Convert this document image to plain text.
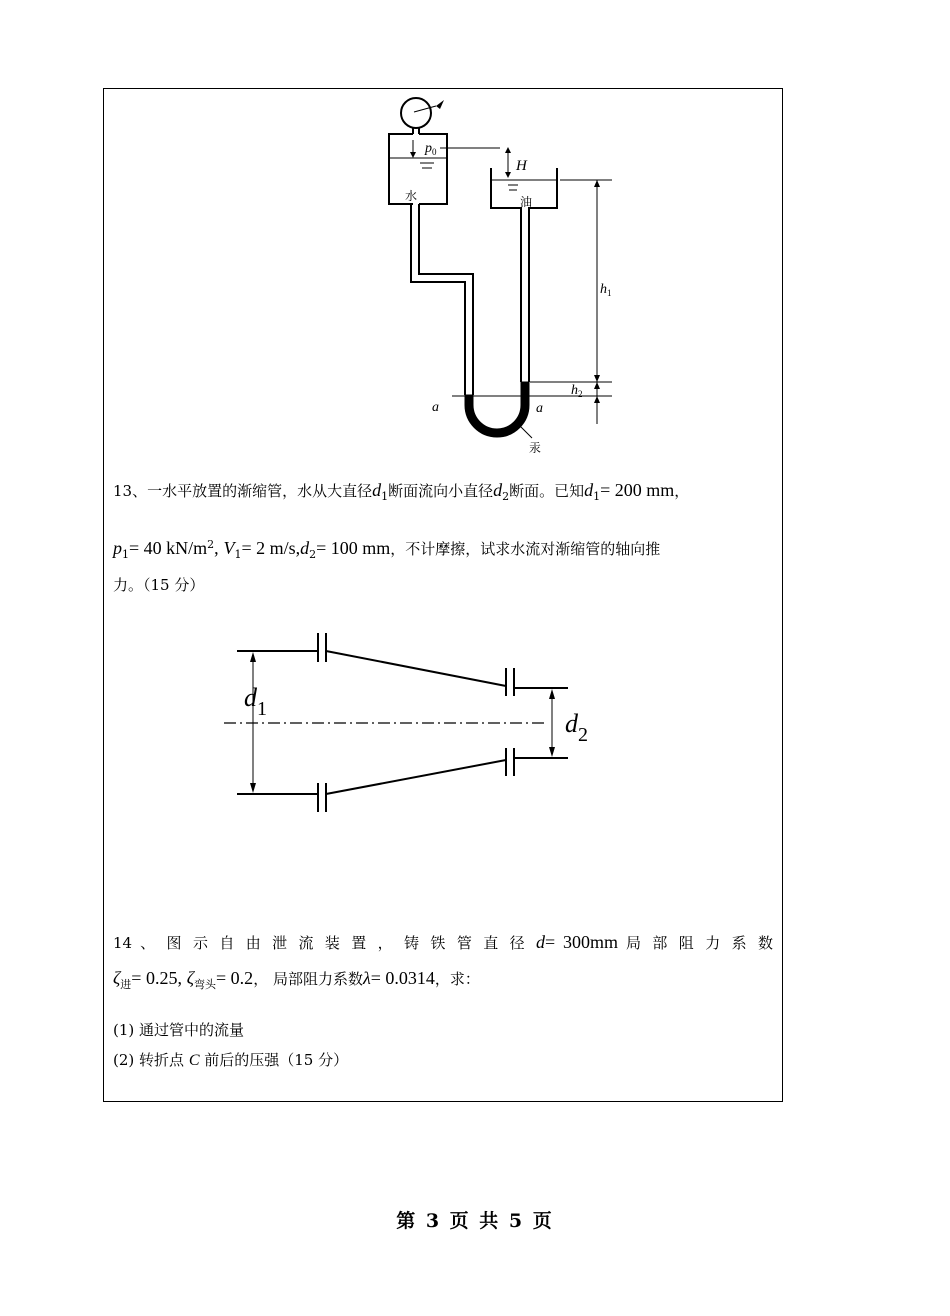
$p_0$
H
水	油
$h_1$
$h_2$
a	a
汞
13、一水平放置的渐缩管，水从大直径$d_1$断面流向小直径$d_2$断面。已知$d_1= 200$ mm，
$p_1= 40$ $kN/m^2$, $V_1= 2$ $m/s,d_2= 100$ mm，不计摩擦，试求水流对渐缩管的轴向推
力。（15 分）
$d_1$	$d_2$
14 、 图 示 自 由 泄 流 装 置 ， 铸 铁 管 直 径 d= 300mm 局 部 阻 力 系 数
$\zeta_进= 0.25$, $\zeta_{弯头}= 0.2$， 局部阻力系数λ= 0.0314，求：
(1) 通过管中的流量
(2) 转折点 C 前后的压强（15 分）
第 3 页 共 5 页
